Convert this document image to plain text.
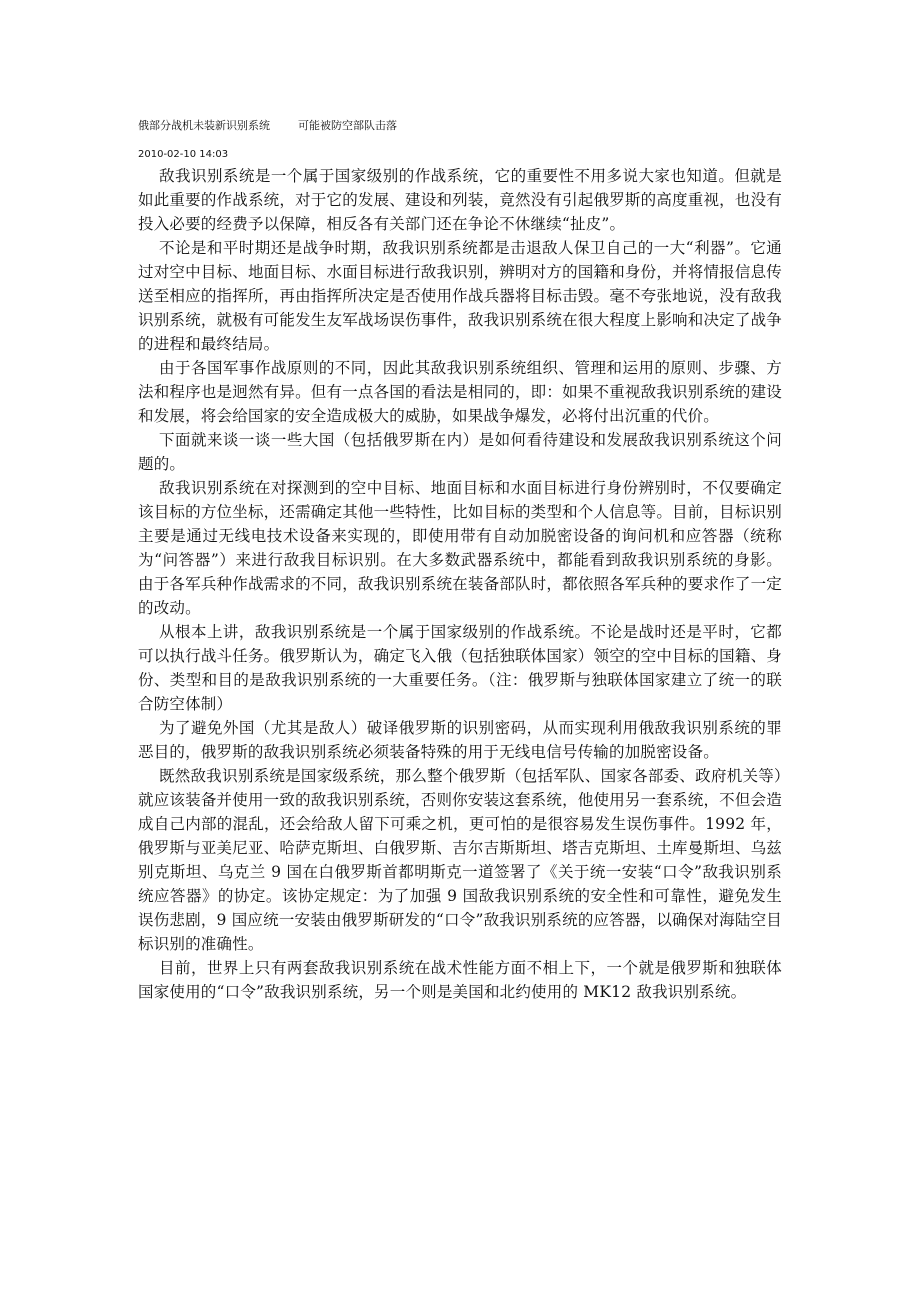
俄部分战机未装新识别系统        可能被防空部队击落
2010-02-10 14:03

敌我识别系统是一个属于国家级别的作战系统，它的重要性不用多说大家也知道。但就是如此重要的作战系统，对于它的发展、建设和列装，竟然没有引起俄罗斯的高度重视，也没有投入必要的经费予以保障，相反各有关部门还在争论不休继续“扯皮”。

不论是和平时期还是战争时期，敌我识别系统都是击退敌人保卫自己的一大“利器”。它通过对空中目标、地面目标、水面目标进行敌我识别，辨明对方的国籍和身份，并将情报信息传送至相应的指挥所，再由指挥所决定是否使用作战兵器将目标击毁。毫不夸张地说，没有敌我识别系统，就极有可能发生友军战场误伤事件，敌我识别系统在很大程度上影响和决定了战争的进程和最终结局。

由于各国军事作战原则的不同，因此其敌我识别系统组织、管理和运用的原则、步骤、方法和程序也是迥然有异。但有一点各国的看法是相同的，即：如果不重视敌我识别系统的建设和发展，将会给国家的安全造成极大的威胁，如果战争爆发，必将付出沉重的代价。

下面就来谈一谈一些大国（包括俄罗斯在内）是如何看待建设和发展敌我识别系统这个问题的。

敌我识别系统在对探测到的空中目标、地面目标和水面目标进行身份辨别时，不仅要确定该目标的方位坐标，还需确定其他一些特性，比如目标的类型和个人信息等。目前，目标识别主要是通过无线电技术设备来实现的，即使用带有自动加脱密设备的询问机和应答器（统称为“问答器”）来进行敌我目标识别。在大多数武器系统中，都能看到敌我识别系统的身影。由于各军兵种作战需求的不同，敌我识别系统在装备部队时，都依照各军兵种的要求作了一定的改动。

从根本上讲，敌我识别系统是一个属于国家级别的作战系统。不论是战时还是平时，它都可以执行战斗任务。俄罗斯认为，确定飞入俄（包括独联体国家）领空的空中目标的国籍、身份、类型和目的是敌我识别系统的一大重要任务。（注：俄罗斯与独联体国家建立了统一的联合防空体制）

为了避免外国（尤其是敌人）破译俄罗斯的识别密码，从而实现利用俄敌我识别系统的罪恶目的，俄罗斯的敌我识别系统必须装备特殊的用于无线电信号传输的加脱密设备。

既然敌我识别系统是国家级系统，那么整个俄罗斯（包括军队、国家各部委、政府机关等）就应该装备并使用一致的敌我识别系统，否则你安装这套系统，他使用另一套系统，不但会造成自己内部的混乱，还会给敌人留下可乘之机，更可怕的是很容易发生误伤事件。1992 年，俄罗斯与亚美尼亚、哈萨克斯坦、白俄罗斯、吉尔吉斯斯坦、塔吉克斯坦、土库曼斯坦、乌兹别克斯坦、乌克兰 9 国在白俄罗斯首都明斯克一道签署了《关于统一安装“口令”敌我识别系统应答器》的协定。该协定规定：为了加强 9 国敌我识别系统的安全性和可靠性，避免发生误伤悲剧，9 国应统一安装由俄罗斯研发的“口令”敌我识别系统的应答器，以确保对海陆空目标识别的准确性。

目前，世界上只有两套敌我识别系统在战术性能方面不相上下，一个就是俄罗斯和独联体国家使用的“口令”敌我识别系统，另一个则是美国和北约使用的 MK12 敌我识别系统。
